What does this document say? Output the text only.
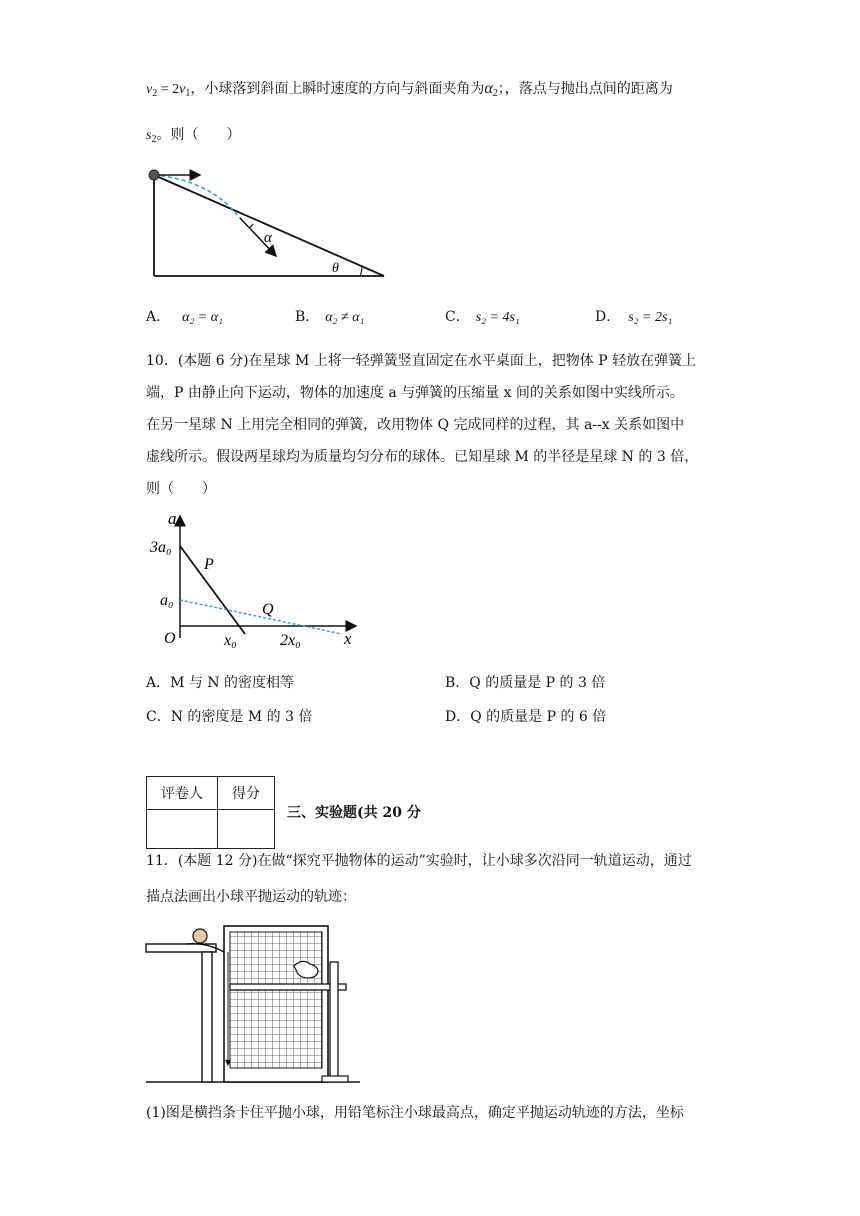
$v_2 = 2v_1$，小球落到斜面上瞬时速度的方向与斜面夹角为$\alpha_2$；，落点与抛出点间的距离为
$s_2$。则（　　）
α
θ
A． α₂ = α₁	B． α₂ ≠ α₁	C． s₂ = 4s₁	D． s₂ = 2s₁
10．(本题 6 分)在星球 M 上将一轻弹簧竖直固定在水平桌面上，把物体 P 轻放在弹簧上
端，P 由静止向下运动，物体的加速度 a 与弹簧的压缩量 x 间的关系如图中实线所示。
在另一星球 N 上用完全相同的弹簧，改用物体 Q 完成同样的过程，其 a--x 关系如图中
虚线所示。假设两星球均为质量均匀分布的球体。已知星球 M 的半径是星球 N 的 3 倍，
则（　　）
a
x
O
3a₀
a₀
x₀	2x₀
P
Q
A．M 与 N 的密度相等	B．Q 的质量是 P 的 3 倍
C．N 的密度是 M 的 3 倍	D．Q 的质量是 P 的 6 倍
评卷人	得分

三、实验题(共 20 分
11．(本题 12 分)在做“探究平抛物体的运动”实验时，让小球多次沿同一轨道运动，通过
描点法画出小球平抛运动的轨迹：
(1)图是横挡条卡住平抛小球，用铅笔标注小球最高点，确定平抛运动轨迹的方法，坐标
